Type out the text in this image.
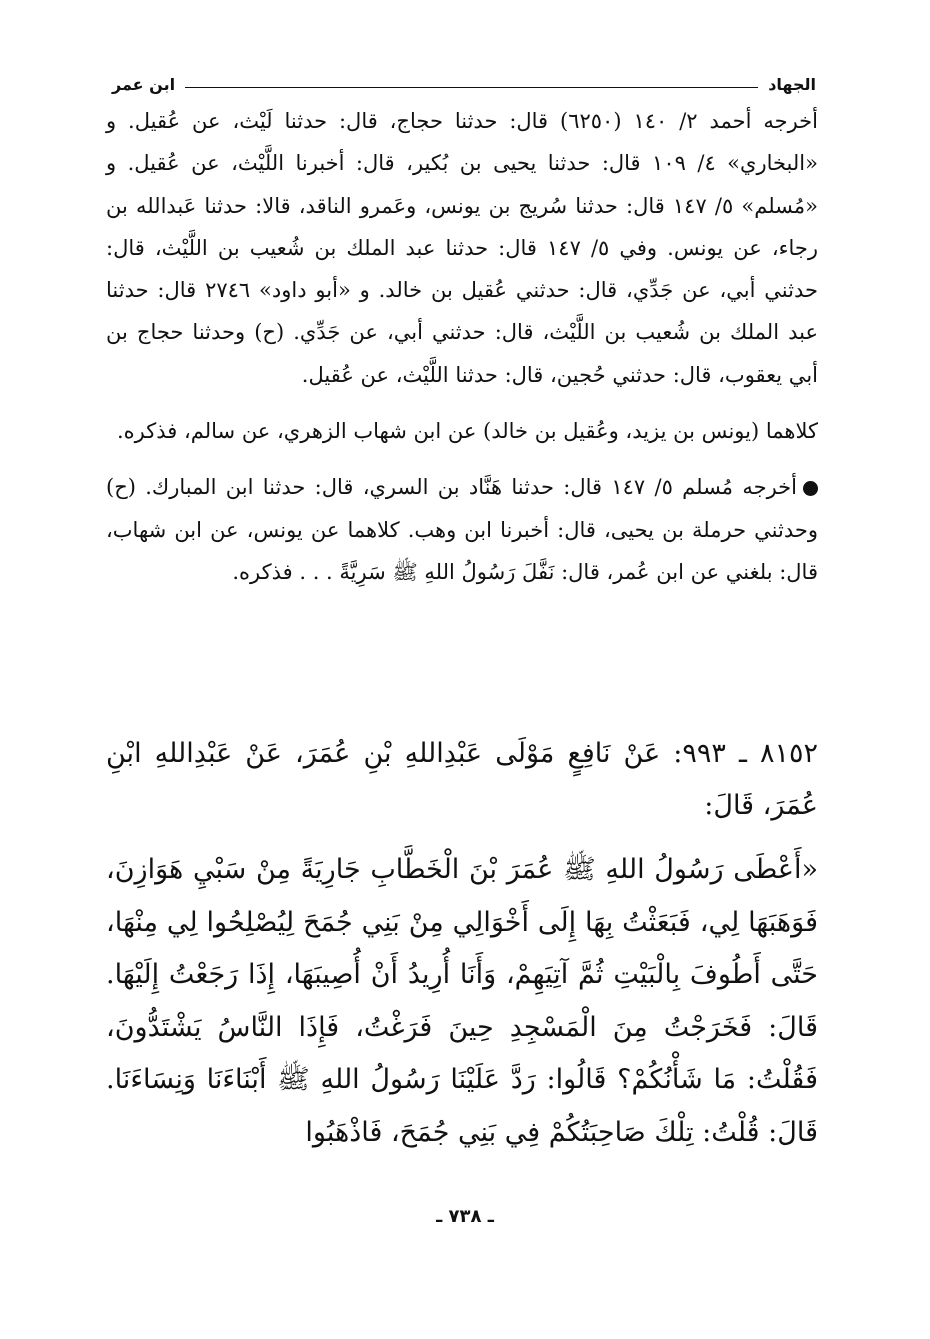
الجهاد
ابن عمر

أخرجه أحمد ٢/ ١٤٠ (٦٢٥٠) قال: حدثنا حجاج، قال: حدثنا لَيْث، عن عُقيل. و «البخاري» ٤/ ١٠٩ قال: حدثنا يحيى بن بُكير، قال: أخبرنا اللَّيْث، عن عُقيل. و «مُسلم» ٥/ ١٤٧ قال: حدثنا سُريج بن يونس، وعَمرو الناقد، قالا: حدثنا عَبدالله بن رجاء، عن يونس. وفي ٥/ ١٤٧ قال: حدثنا عبد الملك بن شُعيب بن اللَّيْث، قال: حدثني أبي، عن جَدِّي، قال: حدثني عُقيل بن خالد. و «أبو داود» ٢٧٤٦ قال: حدثنا عبد الملك بن شُعيب بن اللَّيْث، قال: حدثني أبي، عن جَدِّي. (ح) وحدثنا حجاج بن أبي يعقوب، قال: حدثني حُجين، قال: حدثنا اللَّيْث، عن عُقيل.

كلاهما (يونس بن يزيد، وعُقيل بن خالد) عن ابن شهاب الزهري، عن سالم، فذكره.

أخرجه مُسلم ٥/ ١٤٧ قال: حدثنا هَنَّاد بن السري، قال: حدثنا ابن المبارك. (ح) وحدثني حرملة بن يحيى، قال: أخبرنا ابن وهب. كلاهما عن يونس، عن ابن شهاب، قال: بلغني عن ابن عُمر، قال: نَفَّلَ رَسُولُ اللهِ ﷺ سَرِيَّةً . . . فذكره.

٨١٥٢ ـ ٩٩٣: عَنْ نَافِعٍ مَوْلَى عَبْدِاللهِ بْنِ عُمَرَ، عَنْ عَبْدِاللهِ ابْنِ عُمَرَ، قَالَ:

«أَعْطَى رَسُولُ اللهِ ﷺ عُمَرَ بْنَ الْخَطَّابِ جَارِيَةً مِنْ سَبْيِ هَوَازِنَ، فَوَهَبَهَا لِي، فَبَعَثْتُ بِهَا إِلَى أَخْوَالِي مِنْ بَنِي جُمَحَ لِيُصْلِحُوا لِي مِنْهَا، حَتَّى أَطُوفَ بِالْبَيْتِ ثُمَّ آتِيَهِمْ، وَأَنَا أُرِيدُ أَنْ أُصِيبَهَا، إِذَا رَجَعْتُ إِلَيْهَا. قَالَ: فَخَرَجْتُ مِنَ الْمَسْجِدِ حِينَ فَرَغْتُ، فَإِذَا النَّاسُ يَشْتَدُّونَ، فَقُلْتُ: مَا شَأْنُكُمْ؟ قَالُوا: رَدَّ عَلَيْنَا رَسُولُ اللهِ ﷺ أَبْنَاءَنَا وَنِسَاءَنَا. قَالَ: قُلْتُ: تِلْكَ صَاحِبَتُكُمْ فِي بَنِي جُمَحَ، فَاذْهَبُوا

ـ ٧٣٨ ـ
